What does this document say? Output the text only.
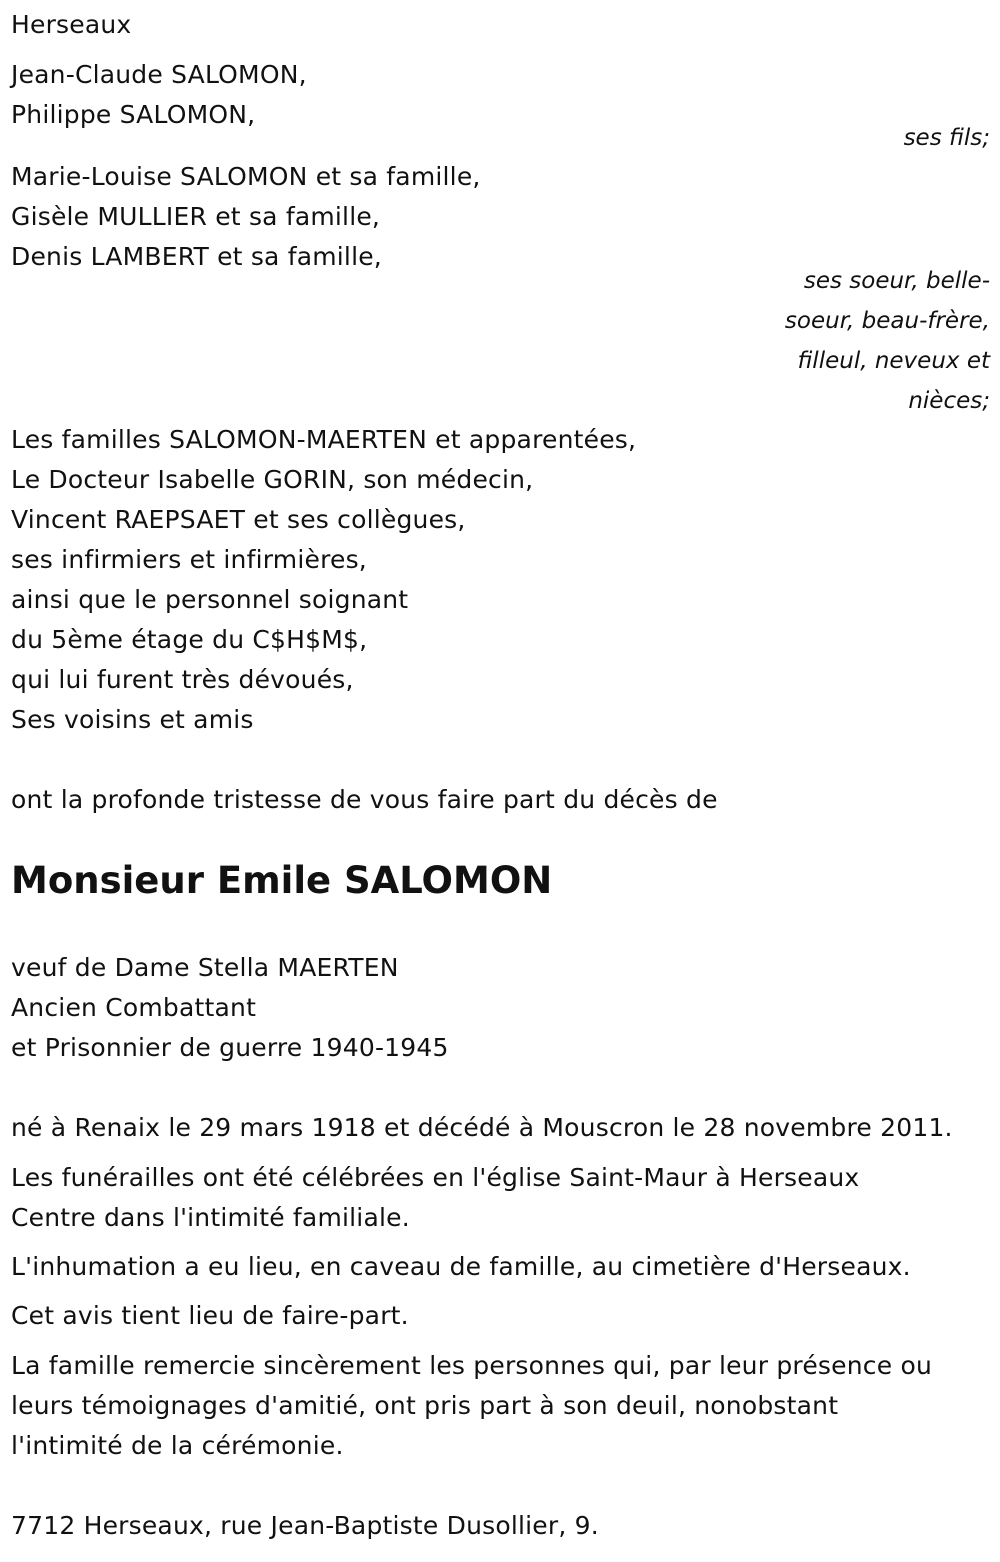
Herseaux
Jean-Claude SALOMON,
Philippe SALOMON,
ses fils;
Marie-Louise SALOMON et sa famille,
Gisèle MULLIER et sa famille,
Denis LAMBERT et sa famille,
ses soeur, belle-
soeur, beau-frère,
filleul, neveux et
nièces;
Les familles SALOMON-MAERTEN et apparentées,
Le Docteur Isabelle GORIN, son médecin,
Vincent RAEPSAET et ses collègues,
ses infirmiers et infirmières,
ainsi que le personnel soignant
du 5ème étage du C$H$M$,
qui lui furent très dévoués,
Ses voisins et amis
ont la profonde tristesse de vous faire part du décès de
Monsieur Emile SALOMON
veuf de Dame Stella MAERTEN
Ancien Combattant
et Prisonnier de guerre 1940-1945
né à Renaix le 29 mars 1918 et décédé à Mouscron le 28 novembre 2011.
Les funérailles ont été célébrées en l'église Saint-Maur à Herseaux
Centre dans l'intimité familiale.
L'inhumation a eu lieu, en caveau de famille, au cimetière d'Herseaux.
Cet avis tient lieu de faire-part.
La famille remercie sincèrement les personnes qui, par leur présence ou
leurs témoignages d'amitié, ont pris part à son deuil, nonobstant
l'intimité de la cérémonie.
7712 Herseaux, rue Jean-Baptiste Dusollier, 9.
